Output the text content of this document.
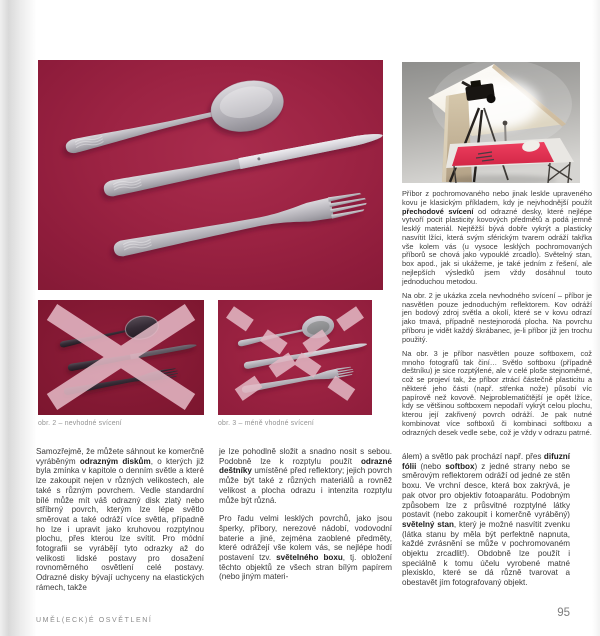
obr. 2 – nevhodné svícení	obr. 3 – méně vhodné svícení

Příbor z pochromovaného nebo jinak leskle upraveného kovu je klasickým příkladem, kdy je nejvhodnější použít přechodové svícení od odrazné desky, které nejlépe vytvoří pocit plasticity kovových předmětů a podá jemně lesklý materiál. Nejtěžší bývá dobře vykrýt a plasticky nasvítit lžíci, která svým sférickým tvarem odráží takřka vše kolem vás (u vysoce lesklých pochromovaných příborů se chová jako vypouklé zrcadlo). Světelný stan, box apod., jak si ukážeme, je také jedním z řešení, ale nejlepších výsledků jsem vždy dosáhnul touto jednoduchou metodou.

Na obr. 2 je ukázka zcela nevhodného svícení – příbor je nasvětlen pouze jednoduchým reflektorem. Kov odráží jen bodový zdroj světla a okolí, které se v kovu odrazí jako tmavá, případně nestejnorodá plocha. Na povrchu příboru je vidět každý škrábanec, je-li příbor již jen trochu použitý.

Na obr. 3 je příbor nasvětlen pouze softboxem, což mnoho fotografů tak činí… Světlo softboxu (případně deštníku) je sice rozptýlené, ale v celé ploše stejnoměrné, což se projeví tak, že příbor ztrácí částečně plasticitu a některé jeho části (např. střenka nože) působí víc papírově než kovově. Nejproblematičtější je opět lžíce, kdy se většinou softboxem nepodaří vykrýt celou plochu, kterou její zakřivený povrch odráží. Je pak nutné kombinovat více softboxů či kombinaci softboxu a odrazných desek vedle sebe, což je vždy v odrazu patrné.

Samozřejmě, že můžete sáhnout ke komerčně vyráběným odrazným diskům, o kterých již byla zmínka v kapitole o denním světle a které lze zakoupit nejen v různých velikostech, ale také s různým povrchem. Vedle standardní bílé může mít váš odrazný disk zlatý nebo stříbrný povrch, kterým lze lépe světlo směrovat a také odráží více světla, případně ho lze i upravit jako kruhovou rozptylnou plochu, přes kterou lze svítit. Pro módní fotografii se vyrábějí tyto odrazky až do velikosti lidské postavy pro dosažení rovnoměrného osvětlení celé postavy. Odrazné disky bývají uchyceny na elastických rámech, takže

je lze pohodlně složit a snadno nosit s sebou. Podobně lze k rozptylu použít odrazné deštníky umístěné před reflektory; jejich povrch může být také z různých materiálů a rovněž velikost a plocha odrazu i intenzita rozptylu může být různá.

Pro řadu velmi lesklých povrchů, jako jsou šperky, příbory, nerezové nádobí, vodovodní baterie a jiné, zejména zaoblené předměty, které odrážejí vše kolem vás, se nejlépe hodí postavení tzv. světelného boxu, tj. obložení těchto objektů ze všech stran bílým papírem (nebo jiným materi-

álem) a světlo pak prochází např. přes difuzní fólii (nebo softbox) z jedné strany nebo se směrovým reflektorem odráží od jedné ze stěn boxu. Ve vrchní desce, která box zakrývá, je pak otvor pro objektiv fotoaparátu. Podobným způsobem lze z průsvitné rozptylné látky postavit (nebo zakoupit i komerčně vyráběný) světelný stan, který je možné nasvítit zvenku (látka stanu by měla být perfektně napnuta, každé zvrásnění se může v pochromovaném objektu zrcadlit!). Obdobně lze použít i speciálně k tomu účelu vyrobené matné plexisklo, které se dá různě tvarovat a obestavět jím fotografovaný objekt.

UMĚL(ECK)É OSVĚTLENÍ
95
